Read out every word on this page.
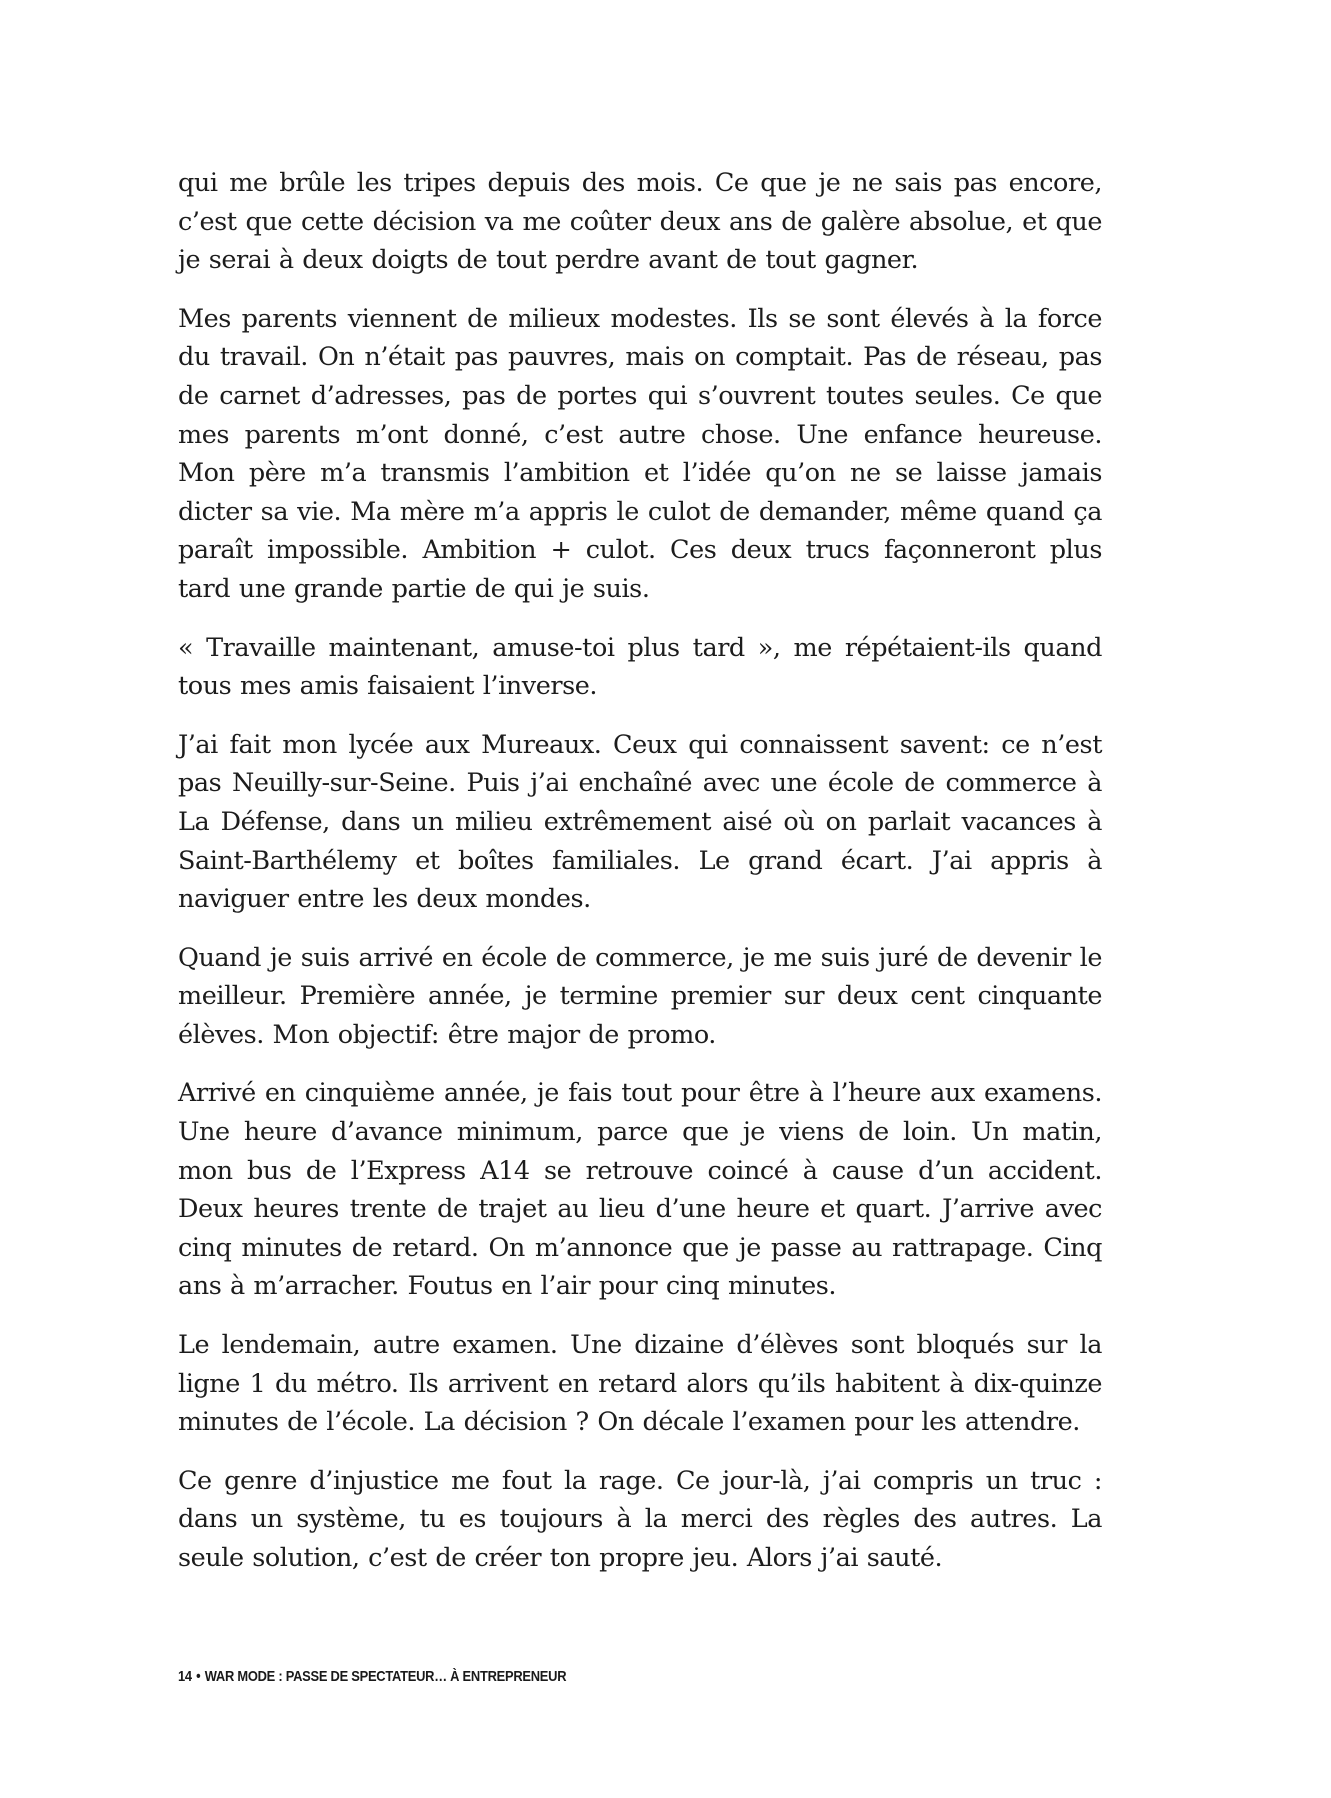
qui me brûle les tripes depuis des mois. Ce que je ne sais pas encore, c’est que cette décision va me coûter deux ans de galère absolue, et que je serai à deux doigts de tout perdre avant de tout gagner.

Mes parents viennent de milieux modestes. Ils se sont élevés à la force du travail. On n’était pas pauvres, mais on comptait. Pas de réseau, pas de carnet d’adresses, pas de portes qui s’ouvrent toutes seules. Ce que mes parents m’ont donné, c’est autre chose. Une enfance heureuse. Mon père m’a transmis l’ambition et l’idée qu’on ne se laisse jamais dicter sa vie. Ma mère m’a appris le culot de demander, même quand ça paraît impossible. Ambition + culot. Ces deux trucs façonneront plus tard une grande partie de qui je suis.

« Travaille maintenant, amuse-toi plus tard », me répétaient-ils quand tous mes amis faisaient l’inverse.

J’ai fait mon lycée aux Mureaux. Ceux qui connaissent savent: ce n’est pas Neuilly-sur-Seine. Puis j’ai enchaîné avec une école de commerce à La Défense, dans un milieu extrêmement aisé où on parlait vacances à Saint-Barthélemy et boîtes familiales. Le grand écart. J’ai appris à naviguer entre les deux mondes.

Quand je suis arrivé en école de commerce, je me suis juré de devenir le meilleur. Première année, je termine premier sur deux cent cinquante élèves. Mon objectif: être major de promo.

Arrivé en cinquième année, je fais tout pour être à l’heure aux examens. Une heure d’avance minimum, parce que je viens de loin. Un matin, mon bus de l’Express A14 se retrouve coincé à cause d’un accident. Deux heures trente de trajet au lieu d’une heure et quart. J’arrive avec cinq minutes de retard. On m’annonce que je passe au rattrapage. Cinq ans à m’arracher. Foutus en l’air pour cinq minutes.

Le lendemain, autre examen. Une dizaine d’élèves sont bloqués sur la ligne 1 du métro. Ils arrivent en retard alors qu’ils habitent à dix-quinze minutes de l’école. La décision ? On décale l’examen pour les attendre.

Ce genre d’injustice me fout la rage. Ce jour-là, j’ai compris un truc : dans un système, tu es toujours à la merci des règles des autres. La seule solution, c’est de créer ton propre jeu. Alors j’ai sauté.

14 • WAR MODE : PASSE DE SPECTATEUR… À ENTREPRENEUR
